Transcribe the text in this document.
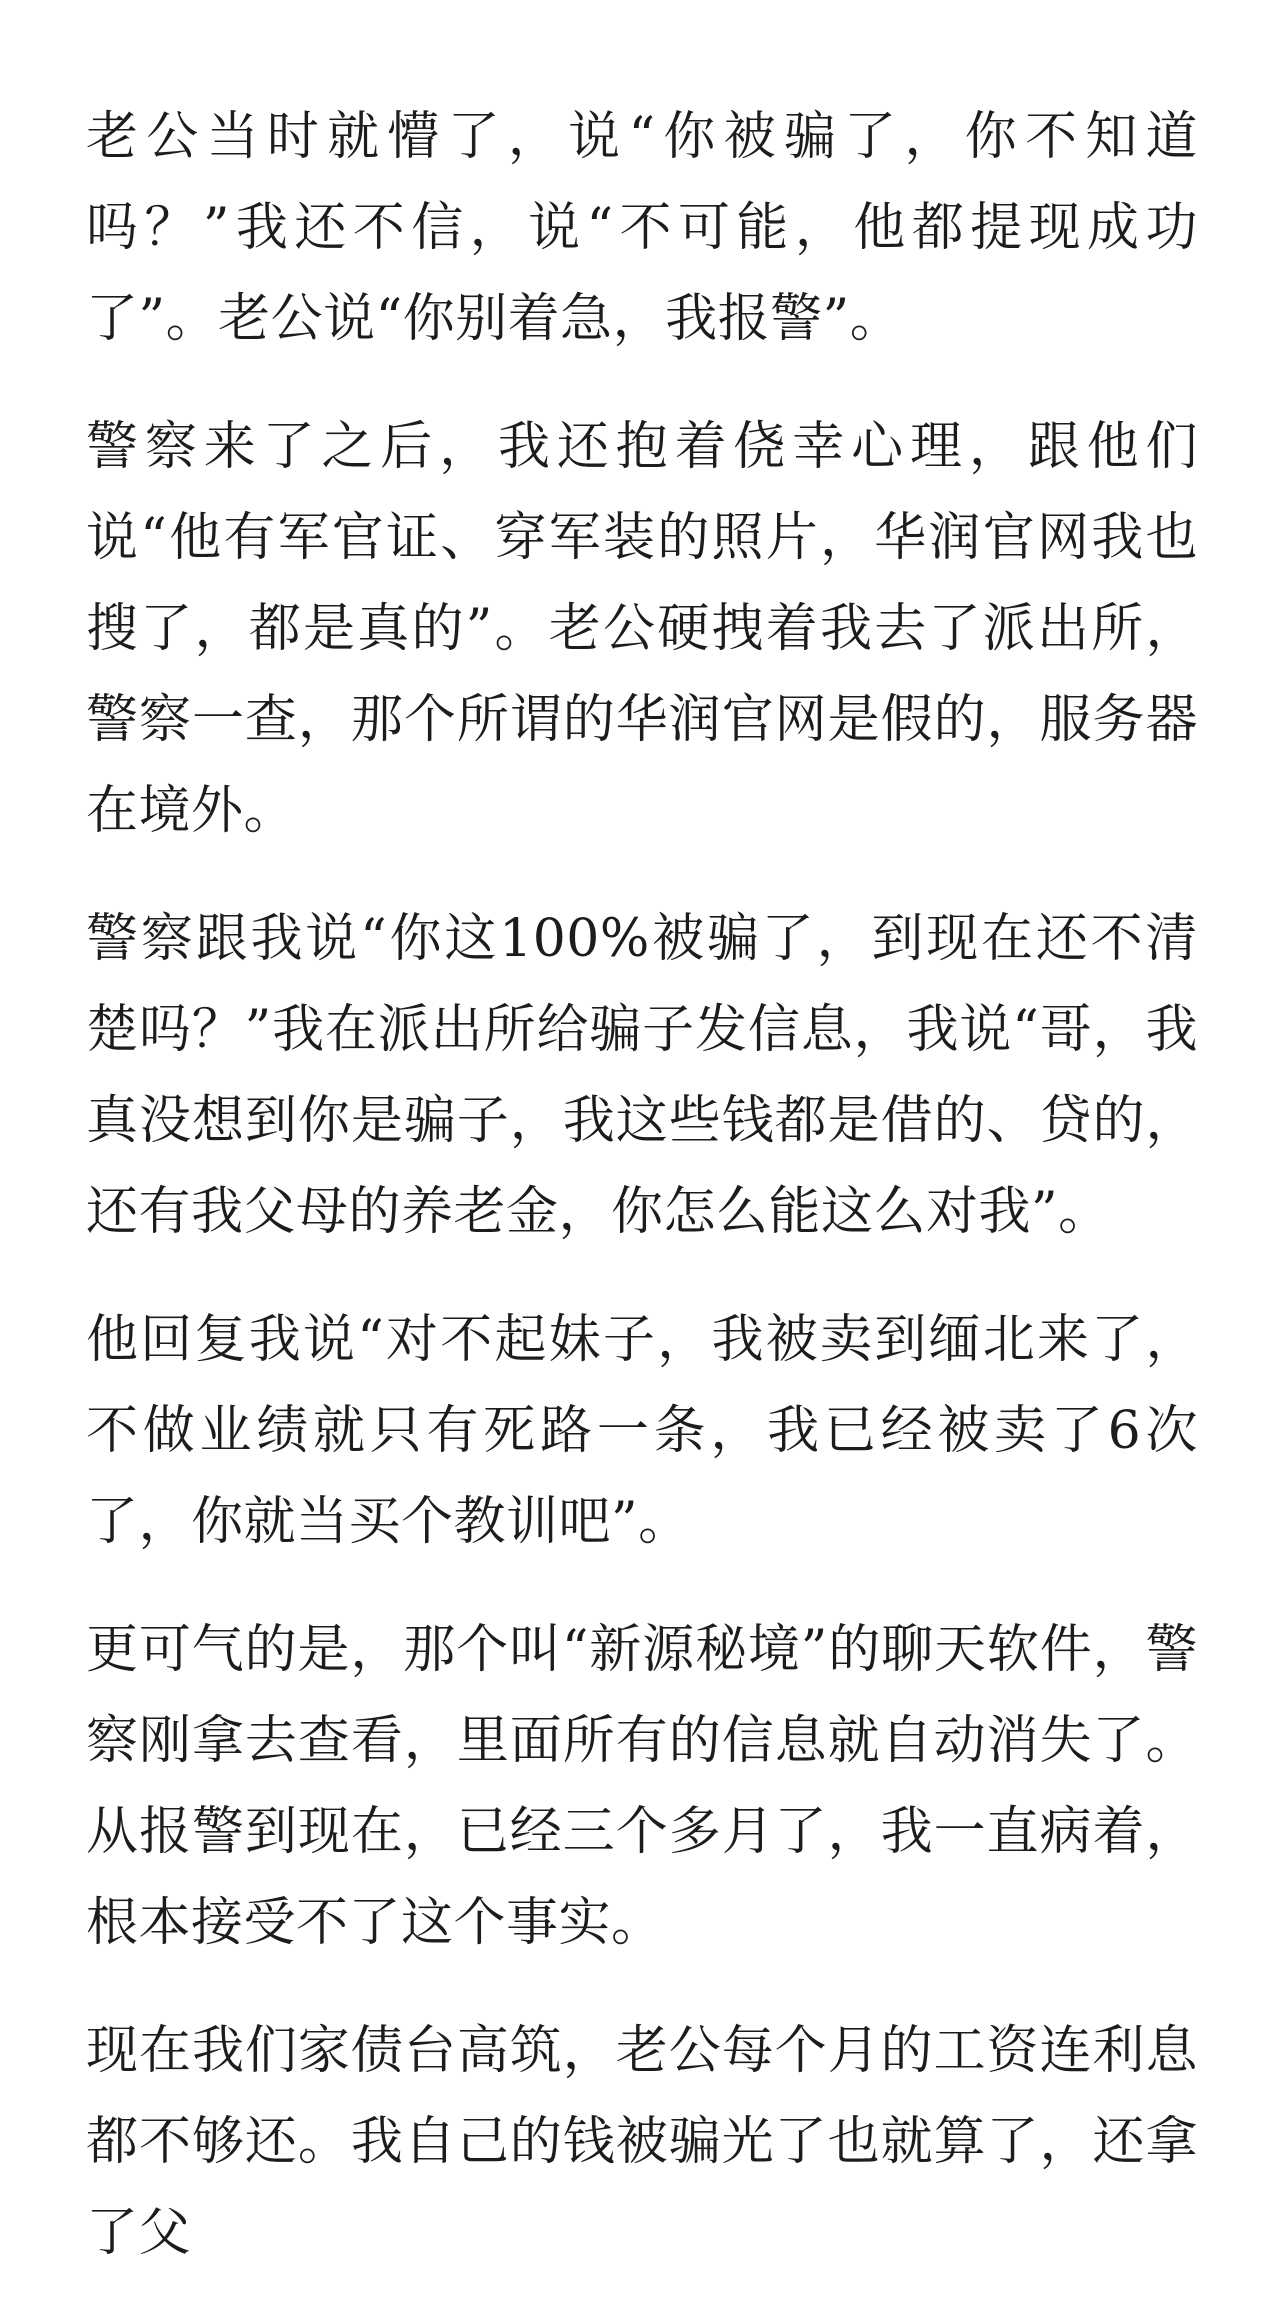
老公当时就懵了，说“你被骗了，你不知道吗？”我还不信，说“不可能，他都提现成功了”。老公说“你别着急，我报警”。

警察来了之后，我还抱着侥幸心理，跟他们说“他有军官证、穿军装的照片，华润官网我也搜了，都是真的”。老公硬拽着我去了派出所，警察一查，那个所谓的华润官网是假的，服务器在境外。

警察跟我说“你这100%被骗了，到现在还不清楚吗？”我在派出所给骗子发信息，我说“哥，我真没想到你是骗子，我这些钱都是借的、贷的，还有我父母的养老金，你怎么能这么对我”。

他回复我说“对不起妹子，我被卖到缅北来了，不做业绩就只有死路一条，我已经被卖了6次了，你就当买个教训吧”。

更可气的是，那个叫“新源秘境”的聊天软件，警察刚拿去查看，里面所有的信息就自动消失了。从报警到现在，已经三个多月了，我一直病着，根本接受不了这个事实。

现在我们家债台高筑，老公每个月的工资连利息都不够还。我自己的钱被骗光了也就算了，还拿了父
